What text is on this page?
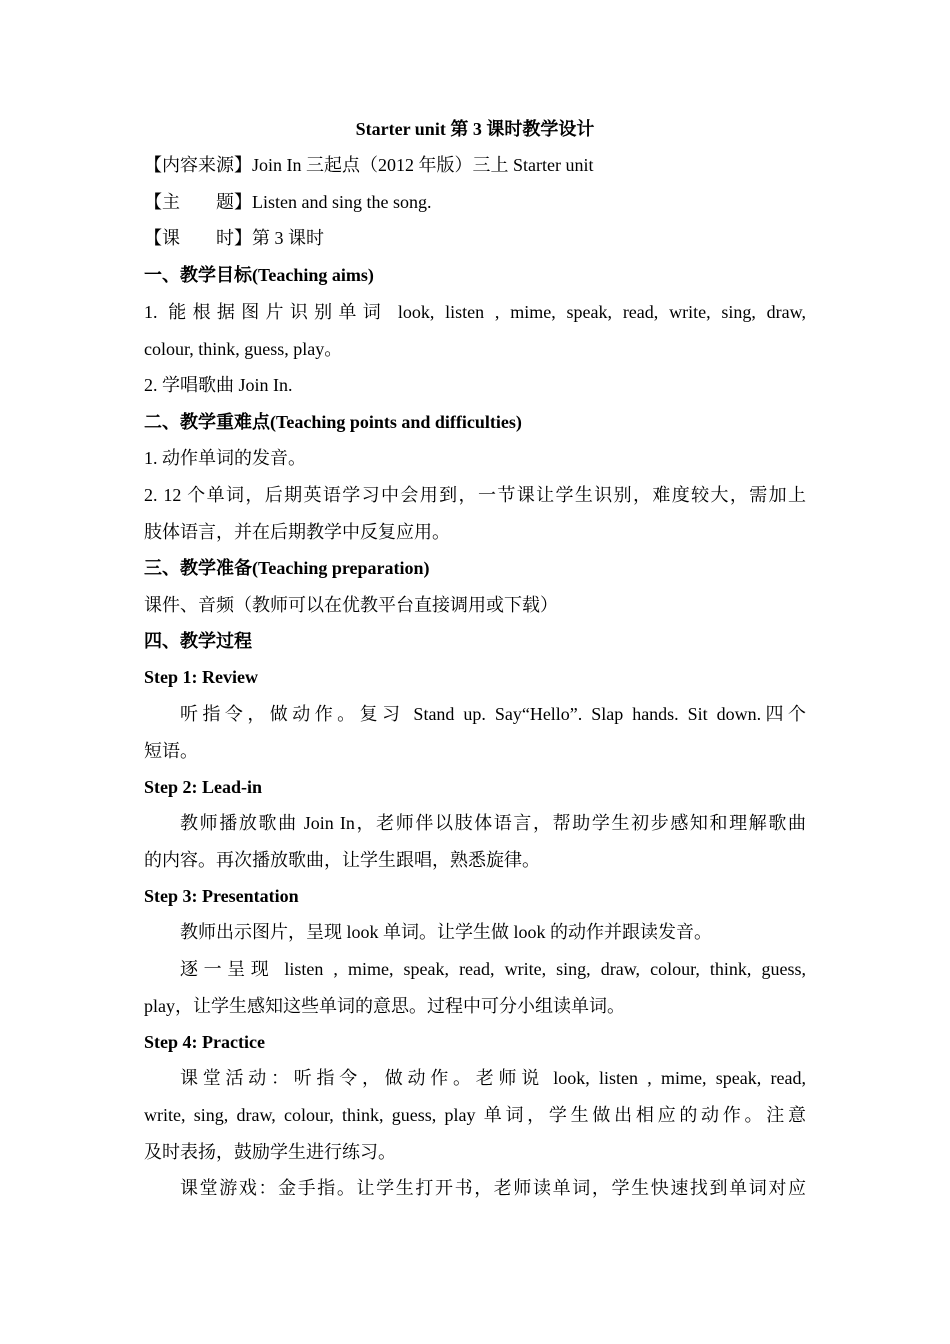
Starter unit 第 3 课时教学设计
【内容来源】Join In 三起点（2012 年版）三上 Starter unit
【主　　题】Listen and sing the song.
【课　　时】第 3 课时
一、教学目标(Teaching aims)
1. 能根据图片识别单词 look, listen , mime, speak, read, write, sing, draw,
colour, think, guess, play。
2. 学唱歌曲 Join In.
二、教学重难点(Teaching points and difficulties)
1. 动作单词的发音。
2. 12 个单词，后期英语学习中会用到，一节课让学生识别，难度较大，需加上
肢体语言，并在后期教学中反复应用。
三、教学准备(Teaching preparation)
课件、音频（教师可以在优教平台直接调用或下载）
四、教学过程
Step 1: Review
听指令，做动作。复习 Stand up. Say“Hello”. Slap hands. Sit down.四个
短语。
Step 2: Lead-in
教师播放歌曲 Join In，老师伴以肢体语言，帮助学生初步感知和理解歌曲
的内容。再次播放歌曲，让学生跟唱，熟悉旋律。
Step 3: Presentation
教师出示图片，呈现 look 单词。让学生做 look 的动作并跟读发音。
逐一呈现 listen , mime, speak, read, write, sing, draw, colour, think, guess,
play，让学生感知这些单词的意思。过程中可分小组读单词。
Step 4: Practice
课堂活动：听指令，做动作。老师说 look, listen , mime, speak, read,
write, sing, draw, colour, think, guess, play 单词，学生做出相应的动作。注意
及时表扬，鼓励学生进行练习。
课堂游戏：金手指。让学生打开书，老师读单词，学生快速找到单词对应
